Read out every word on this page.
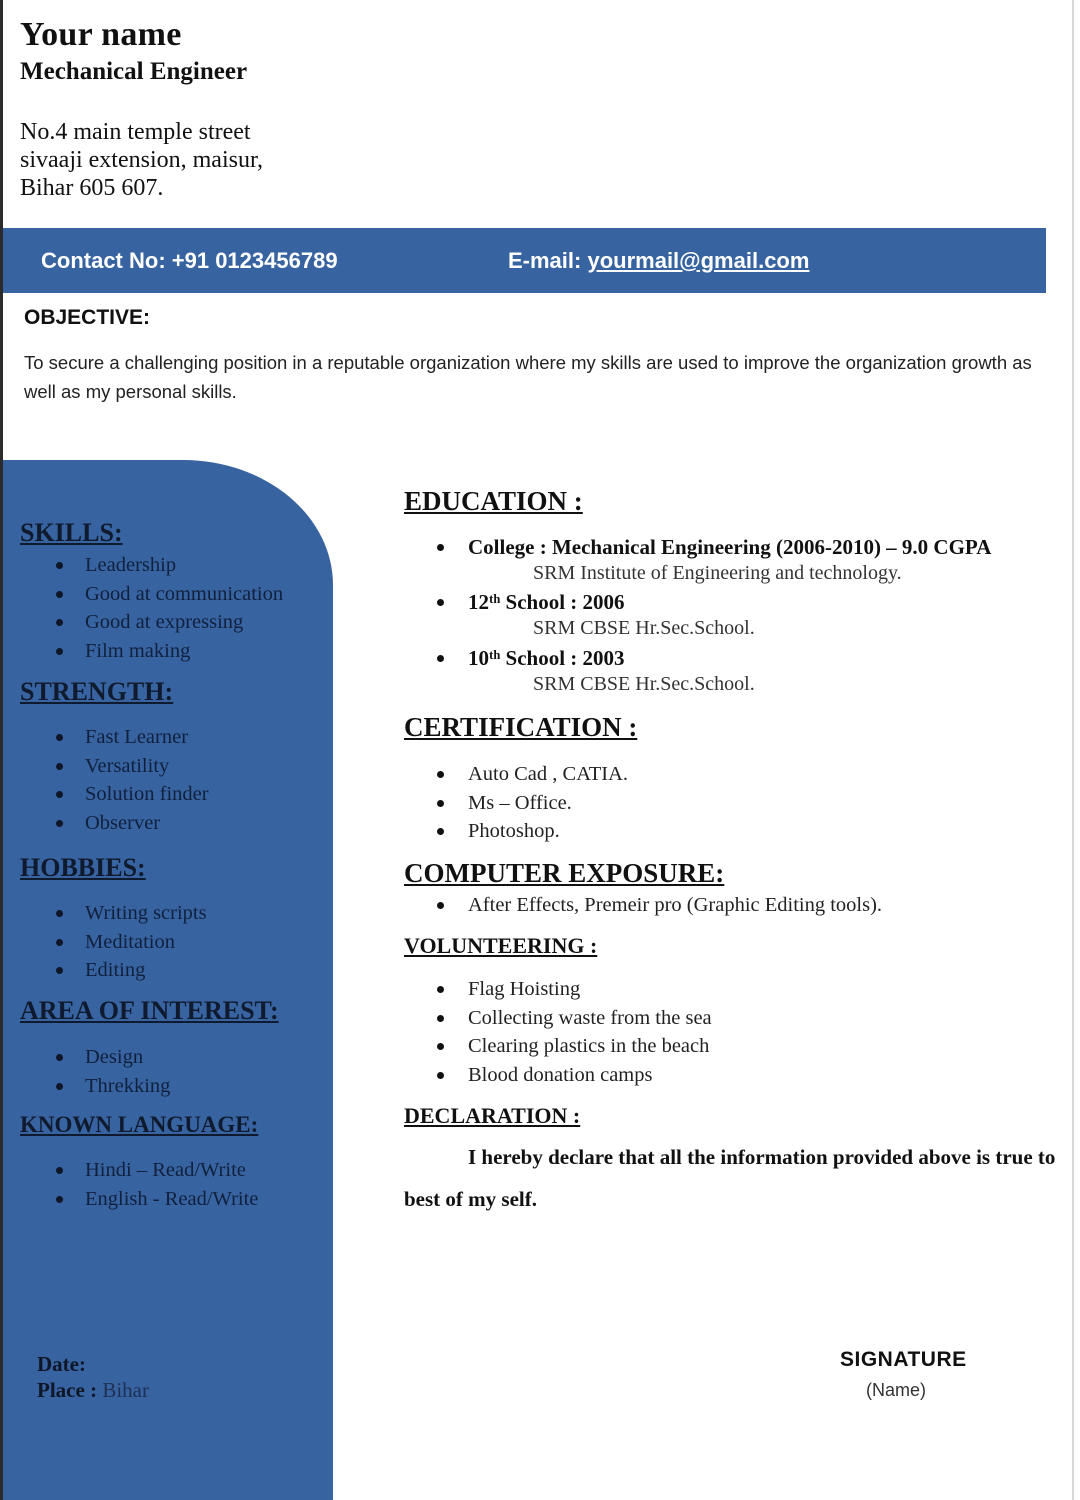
Your name
Mechanical Engineer
No.4 main temple street
sivaaji extension, maisur,
Bihar 605 607.
Contact No: +91 0123456789	E-mail: yourmail@gmail.com
OBJECTIVE:
To secure a challenging position in a reputable organization where my skills are used to improve the organization growth as well as my personal skills.
SKILLS:
Leadership
Good at communication
Good at expressing
Film making
STRENGTH:
Fast Learner
Versatility
Solution finder
Observer
HOBBIES:
Writing scripts
Meditation
Editing
AREA OF INTEREST:
Design
Threkking
KNOWN LANGUAGE:
Hindi – Read/Write
English - Read/Write
Date:
Place : Bihar
EDUCATION :
College : Mechanical Engineering (2006-2010) – 9.0 CGPA
SRM Institute of Engineering and technology.
12ᵗʰ School : 2006
SRM CBSE Hr.Sec.School.
10ᵗʰ School : 2003
SRM CBSE Hr.Sec.School.
CERTIFICATION :
Auto Cad , CATIA.
Ms – Office.
Photoshop.
COMPUTER EXPOSURE:
After Effects, Premeir pro (Graphic Editing tools).
VOLUNTEERING :
Flag Hoisting
Collecting waste from the sea
Clearing plastics in the beach
Blood donation camps
DECLARATION :
I hereby declare that all the information provided above is true to best of my self.
SIGNATURE
(Name)
